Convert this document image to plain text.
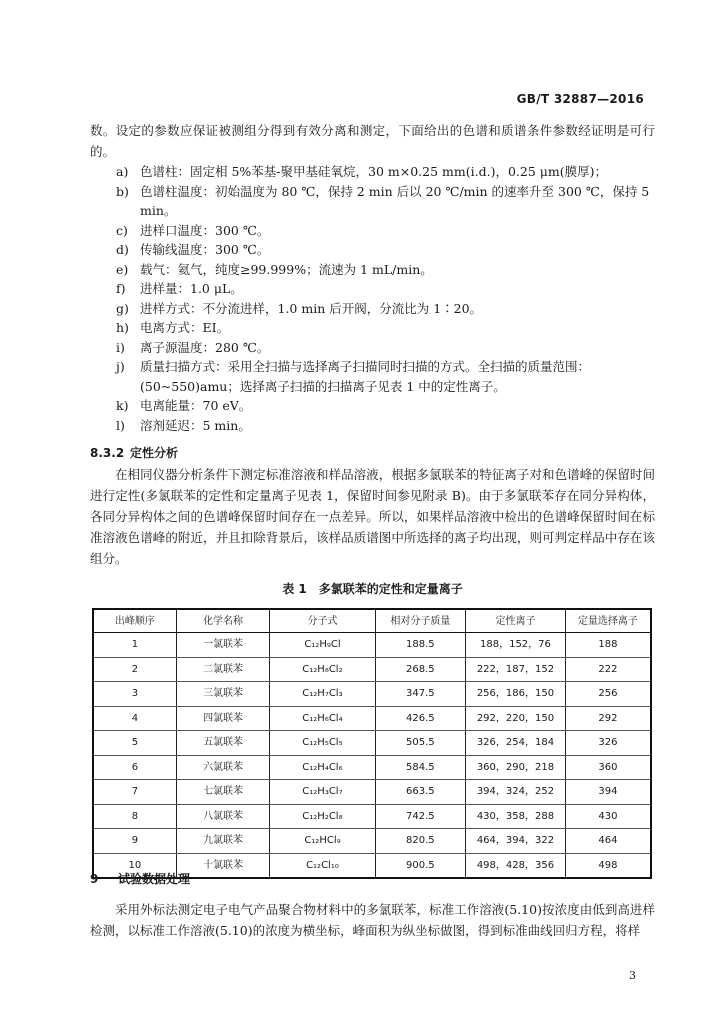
GB/T 32887—2016

数。设定的参数应保证被测组分得到有效分离和测定，下面给出的色谱和质谱条件参数经证明是可行的。

a) 色谱柱：固定相 5%苯基-聚甲基硅氧烷，30 m×0.25 mm(i.d.)，0.25 μm(膜厚)；
b) 色谱柱温度：初始温度为 80 ℃，保持 2 min 后以 20 ℃/min 的速率升至 300 ℃，保持 5 min。
c) 进样口温度：300 ℃。
d) 传输线温度：300 ℃。
e) 载气：氦气，纯度≥99.999%；流速为 1 mL/min。
f)	进样量：1.0 μL。
g) 进样方式：不分流进样，1.0 min 后开阀，分流比为 1∶20。
h) 电离方式：EI。
i)	离子源温度：280 ℃。
j)	质量扫描方式：采用全扫描与选择离子扫描同时扫描的方式。全扫描的质量范围：(50~550)amu；选择离子扫描的扫描离子见表 1 中的定性离子。
k) 电离能量：70 eV。
l)	溶剂延迟：5 min。
8.3.2 定性分析

在相同仪器分析条件下测定标准溶液和样品溶液，根据多氯联苯的特征离子对和色谱峰的保留时间进行定性(多氯联苯的定性和定量离子见表 1，保留时间参见附录 B)。由于多氯联苯存在同分异构体，各同分异构体之间的色谱峰保留时间存在一点差异。所以，如果样品溶液中检出的色谱峰保留时间在标准溶液色谱峰的附近，并且扣除背景后，该样品质谱图中所选择的离子均出现，则可判定样品中存在该组分。

表 1　多氯联苯的定性和定量离子
出峰顺序	化学名称	分子式	相对分子质量	定性离子	定量选择离子
1	一氯联苯	C₁₂H₉Cl	188.5	188，152，76	188
2	二氯联苯	C₁₂H₈Cl₂	268.5	222，187，152	222
3	三氯联苯	C₁₂H₇Cl₃	347.5	256，186，150	256
4	四氯联苯	C₁₂H₆Cl₄	426.5	292，220，150	292
5	五氯联苯	C₁₂H₅Cl₅	505.5	326，254，184	326
6	六氯联苯	C₁₂H₄Cl₆	584.5	360，290，218	360
7	七氯联苯	C₁₂H₃Cl₇	663.5	394，324，252	394
8	八氯联苯	C₁₂H₂Cl₈	742.5	430，358，288	430
9	九氯联苯	C₁₂HCl₉	820.5	464，394，322	464
10	十氯联苯	C₁₂Cl₁₀	900.5	498，428，356	498
9 试验数据处理

采用外标法测定电子电气产品聚合物材料中的多氯联苯，标准工作溶液(5.10)按浓度由低到高进样检测，以标准工作溶液(5.10)的浓度为横坐标，峰面积为纵坐标做图，得到标准曲线回归方程，将样

3
